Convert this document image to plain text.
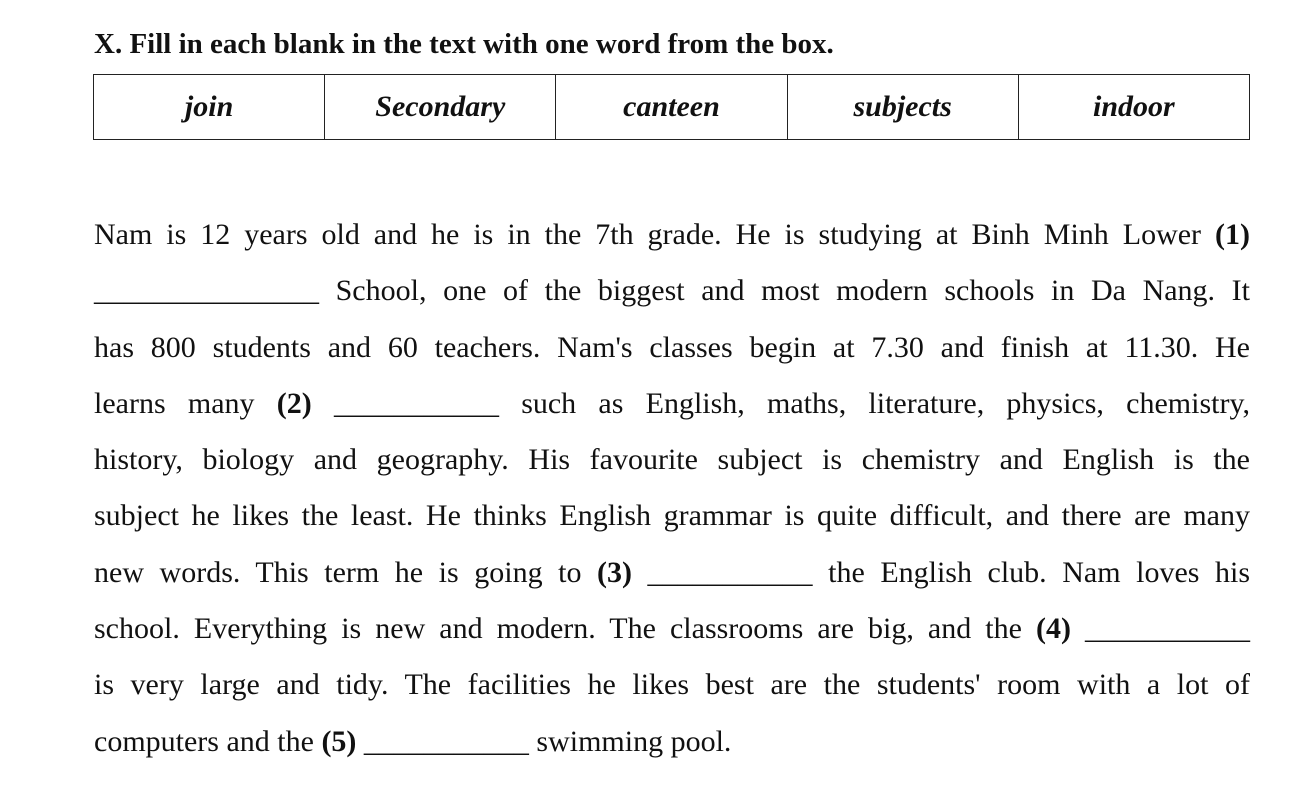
X. Fill in each blank in the text with one word from the box.
join	Secondary	canteen	subjects	indoor
Nam is 12 years old and he is in the 7th grade. He is studying at Binh Minh Lower (1)
_______________ School, one of the biggest and most modern schools in Da Nang. It
has 800 students and 60 teachers. Nam's classes begin at 7.30 and finish at 11.30. He
learns many (2) ___________ such as English, maths, literature, physics, chemistry,
history, biology and geography. His favourite subject is chemistry and English is the
subject he likes the least. He thinks English grammar is quite difficult, and there are many
new words. This term he is going to (3) ___________ the English club. Nam loves his
school. Everything is new and modern. The classrooms are big, and the (4) ___________
is very large and tidy. The facilities he likes best are the students' room with a lot of
computers and the (5) ___________ swimming pool.
